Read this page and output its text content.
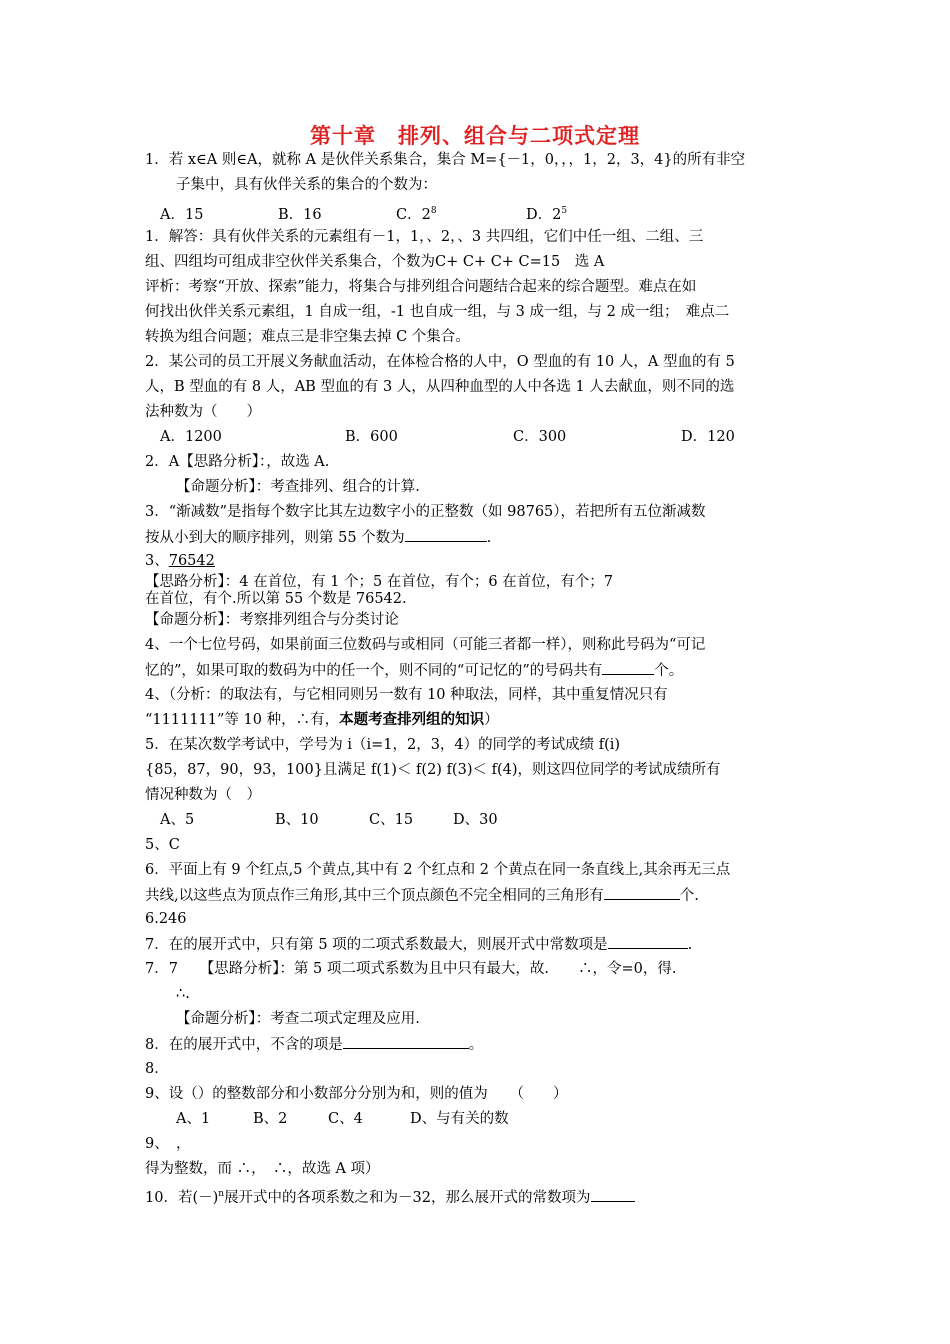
第十章　排列、组合与二项式定理
1．若 x∈A 则∈A，就称 A 是伙伴关系集合，集合 M={－1，0，，，1，2，3，4}的所有非空
子集中，具有伙伴关系的集合的个数为：
A．15	B．16	C．$2^8$	D．$2^5$
1．解答：具有伙伴关系的元素组有－1，1，、2，、3 共四组，它们中任一组、二组、三
组、四组均可组成非空伙伴关系集合，个数为C+ C+ C+ C=15　选 A
评析：考察“开放、探索”能力，将集合与排列组合问题结合起来的综合题型。难点在如
何找出伙伴关系元素组，1 自成一组，-1 也自成一组，与 3 成一组，与 2 成一组；　难点二
转换为组合问题；难点三是非空集去掉 C 个集合。
2．某公司的员工开展义务献血活动，在体检合格的人中，O 型血的有 10 人，A 型血的有 5
人，B 型血的有 8 人，AB 型血的有 3 人，从四种血型的人中各选 1 人去献血，则不同的选
法种数为（　　）
A．1200	B．600	C．300	D．120
2．A【思路分析】：，故选 A.
【命题分析】：考查排列、组合的计算.
3．“渐减数”是指每个数字比其左边数字小的正整数（如 98765），若把所有五位渐减数
按从小到大的顺序排列，则第 55 个数为	.
3、76542
【思路分析】：4 在首位，有 1 个；5 在首位，有个；6 在首位，有个；7
在首位，有个.所以第 55 个数是 76542.
【命题分析】：考察排列组合与分类讨论
4、一个七位号码，如果前面三位数码与或相同（可能三者都一样），则称此号码为“可记
忆的”，如果可取的数码为中的任一个，则不同的“可记忆的”的号码共有	个。
4、（分析：的取法有，与它相同则另一数有 10 种取法，同样，其中重复情况只有
“1111111”等 10 种，∴有，本题考查排列组的知识）
5．在某次数学考试中，学号为 i（i=1，2，3，4）的同学的考试成绩 f(i)
{85，87，90，93，100}且满足 f(1)＜ f(2) f(3)＜ f(4)，则这四位同学的考试成绩所有
情况种数为（　）
A、5	B、10	C、15	D、30
5、C
6．平面上有 9 个红点,5 个黄点,其中有 2 个红点和 2 个黄点在同一条直线上,其余再无三点
共线,以这些点为顶点作三角形,其中三个顶点颜色不完全相同的三角形有	个.
6.246
7．在的展开式中，只有第 5 项的二项式系数最大，则展开式中常数项是	.
7．7　　【思路分析】：第 5 项二项式系数为且中只有最大，故.　　∴，令=0，得.
∴.
【命题分析】：考查二项式定理及应用.
8．在的展开式中，不含的项是	。
8．
9、设（）的整数部分和小数部分分别为和，则的值为　　（　　）
A、1	B、2	C、4	D、与有关的数
9、　，
得为整数，而 ∴，　∴，故选 A 项）
10．若$(-)^n$展开式中的各项系数之和为－32，那么展开式的常数项为
